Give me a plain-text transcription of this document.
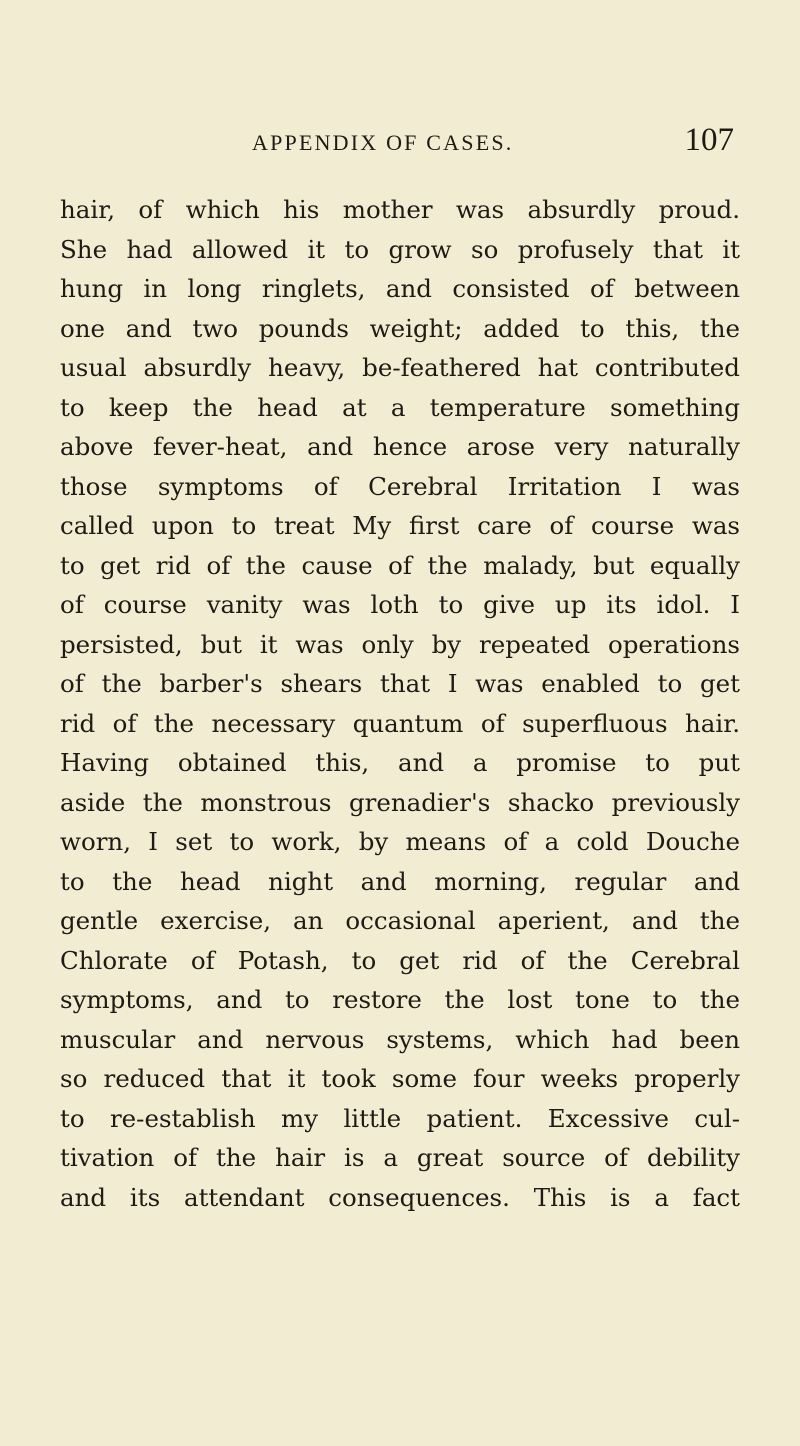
APPENDIX OF CASES.	107
hair, of which his mother was absurdly proud.
She had allowed it to grow so profusely that it
hung in long ringlets, and consisted of between
one and two pounds weight; added to this, the
usual absurdly heavy, be-feathered hat contributed
to keep the head at a temperature something
above fever-heat, and hence arose very naturally
those symptoms of Cerebral Irritation I was
called upon to treat My first care of course was
to get rid of the cause of the malady, but equally
of course vanity was loth to give up its idol. I
persisted, but it was only by repeated operations
of the barber's shears that I was enabled to get
rid of the necessary quantum of superfluous hair.
Having obtained this, and a promise to put
aside the monstrous grenadier's shacko previously
worn, I set to work, by means of a cold Douche
to the head night and morning, regular and
gentle exercise, an occasional aperient, and the
Chlorate of Potash, to get rid of the Cerebral
symptoms, and to restore the lost tone to the
muscular and nervous systems, which had been
so reduced that it took some four weeks properly
to re-establish my little patient. Excessive cul-
tivation of the hair is a great source of debility
and its attendant consequences. This is a fact
